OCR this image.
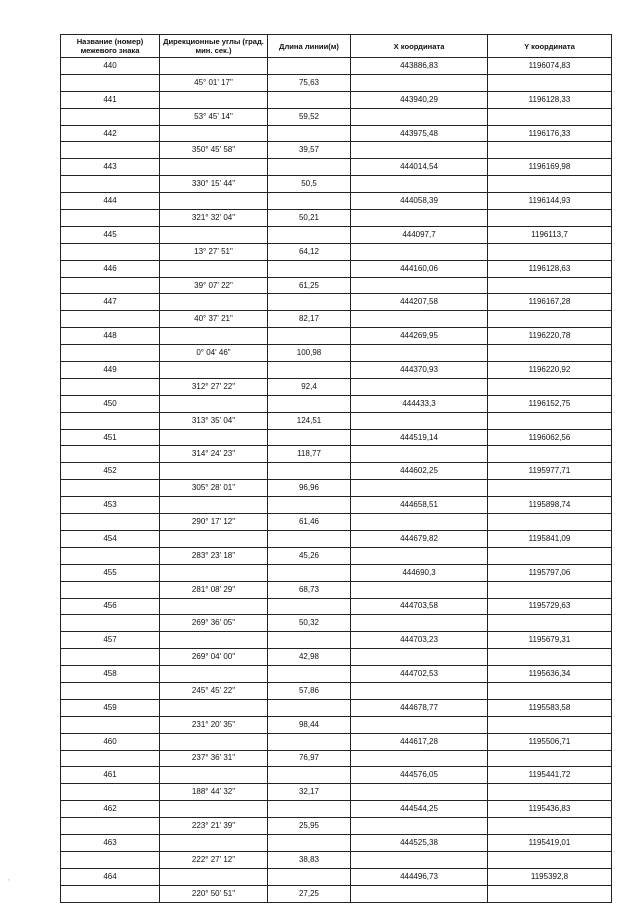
Название (номер) межевого знака	Дирекционные углы (град. мин. сек.)	Длина линии(м)	X координата	Y координата
440			443886,83	1196074,83
	45° 01' 17"	75,63		
441			443940,29	1196128,33
	53° 45' 14"	59,52		
442			443975,48	1196176,33
	350° 45' 58"	39,57		
443			444014,54	1196169,98
	330° 15' 44"	50,5		
444			444058,39	1196144,93
	321° 32' 04"	50,21		
445			444097,7	1196113,7
	13° 27' 51"	64,12		
446			444160,06	1196128,63
	39° 07' 22"	61,25		
447			444207,58	1196167,28
	40° 37' 21"	82,17		
448			444269,95	1196220,78
	0° 04' 46"	100,98		
449			444370,93	1196220,92
	312° 27' 22"	92,4		
450			444433,3	1196152,75
	313° 35' 04"	124,51		
451			444519,14	1196062,56
	314° 24' 23"	118,77		
452			444602,25	1195977,71
	305° 28' 01"	96,96		
453			444658,51	1195898,74
	290° 17' 12"	61,46		
454			444679,82	1195841,09
	283° 23' 18"	45,26		
455			444690,3	1195797,06
	281° 08' 29"	68,73		
456			444703,58	1195729,63
	269° 36' 05"	50,32		
457			444703,23	1195679,31
	269° 04' 00"	42,98		
458			444702,53	1195636,34
	245° 45' 22"	57,86		
459			444678,77	1195583,58
	231° 20' 35"	98,44		
460			444617,28	1195506,71
	237° 36' 31"	76,97		
461			444576,05	1195441,72
	188° 44' 32"	32,17		
462			444544,25	1195436,83
	223° 21' 39"	25,95		
463			444525,38	1195419,01
	222° 27' 12"	38,83		
464			444496,73	1195392,8
	220° 50' 51"	27,25		
,
